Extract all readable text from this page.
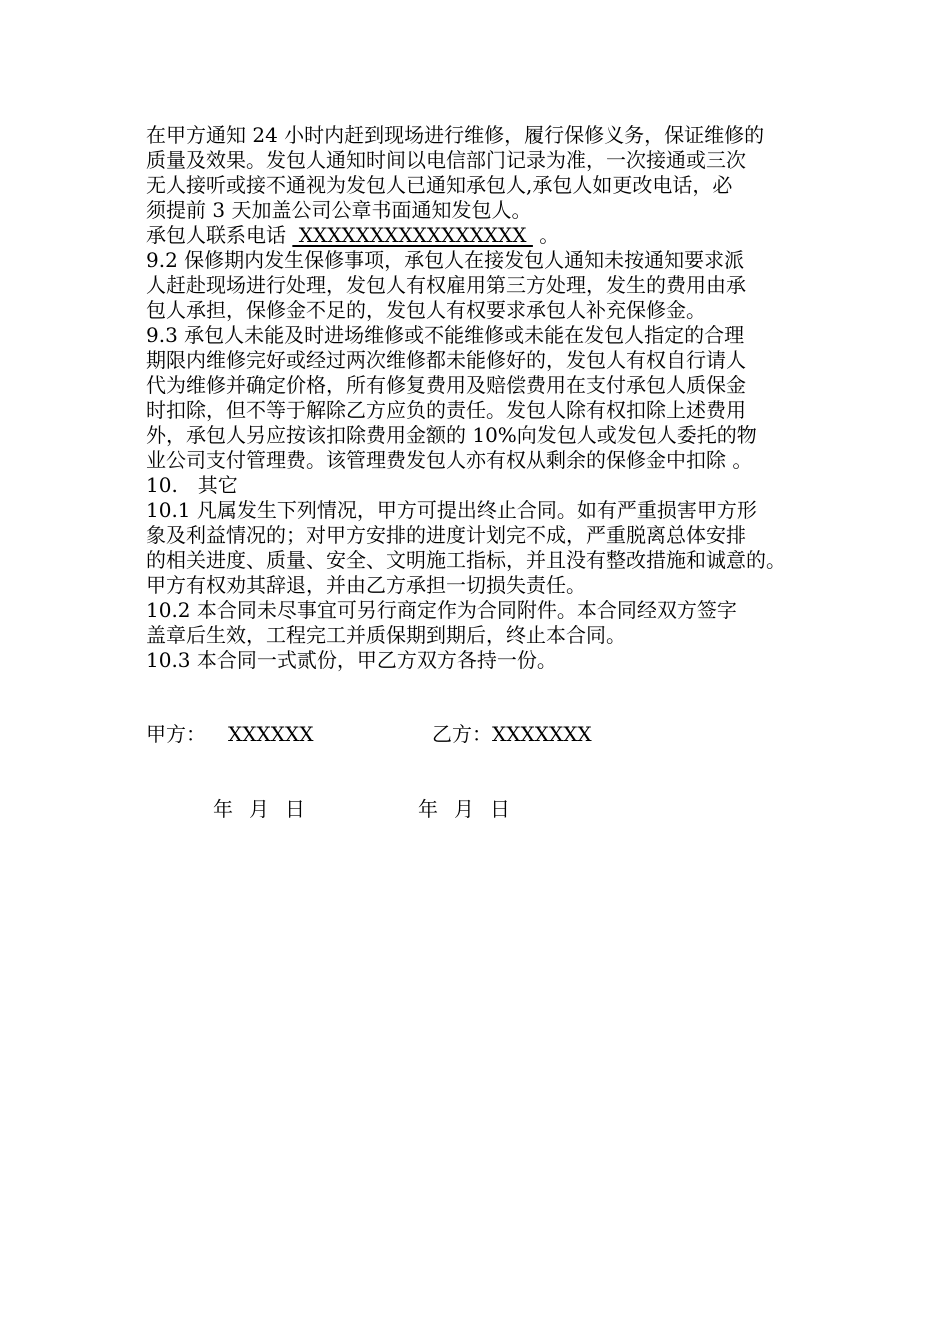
在甲方通知 24 小时内赶到现场进行维修，履行保修义务，保证维修的
质量及效果。发包人通知时间以电信部门记录为准，一次接通或三次
无人接听或接不通视为发包人已通知承包人,承包人如更改电话，必
须提前 3 天加盖公司公章书面通知发包人。
承包人联系电话  XXXXXXXXXXXXXXXX  。
9.2 保修期内发生保修事项，承包人在接发包人通知未按通知要求派
人赶赴现场进行处理，发包人有权雇用第三方处理，发生的费用由承
包人承担，保修金不足的，发包人有权要求承包人补充保修金。
9.3 承包人未能及时进场维修或不能维修或未能在发包人指定的合理
期限内维修完好或经过两次维修都未能修好的，发包人有权自行请人
代为维修并确定价格，所有修复费用及赔偿费用在支付承包人质保金
时扣除，但不等于解除乙方应负的责任。发包人除有权扣除上述费用
外，承包人另应按该扣除费用金额的 10%向发包人或发包人委托的物
业公司支付管理费。该管理费发包人亦有权从剩余的保修金中扣除 。
10.　其它
10.1 凡属发生下列情况，甲方可提出终止合同。如有严重损害甲方形
象及利益情况的；对甲方安排的进度计划完不成，严重脱离总体安排
的相关进度、质量、安全、文明施工指标，并且没有整改措施和诚意的。
甲方有权劝其辞退，并由乙方承担一切损失责任。
10.2 本合同未尽事宜可另行商定作为合同附件。本合同经双方签字
盖章后生效，工程完工并质保期到期后，终止本合同。
10.3 本合同一式贰份，甲乙方双方各持一份。
甲方： XXXXXX	乙方：XXXXXXX
年 月 日	年 月 日
